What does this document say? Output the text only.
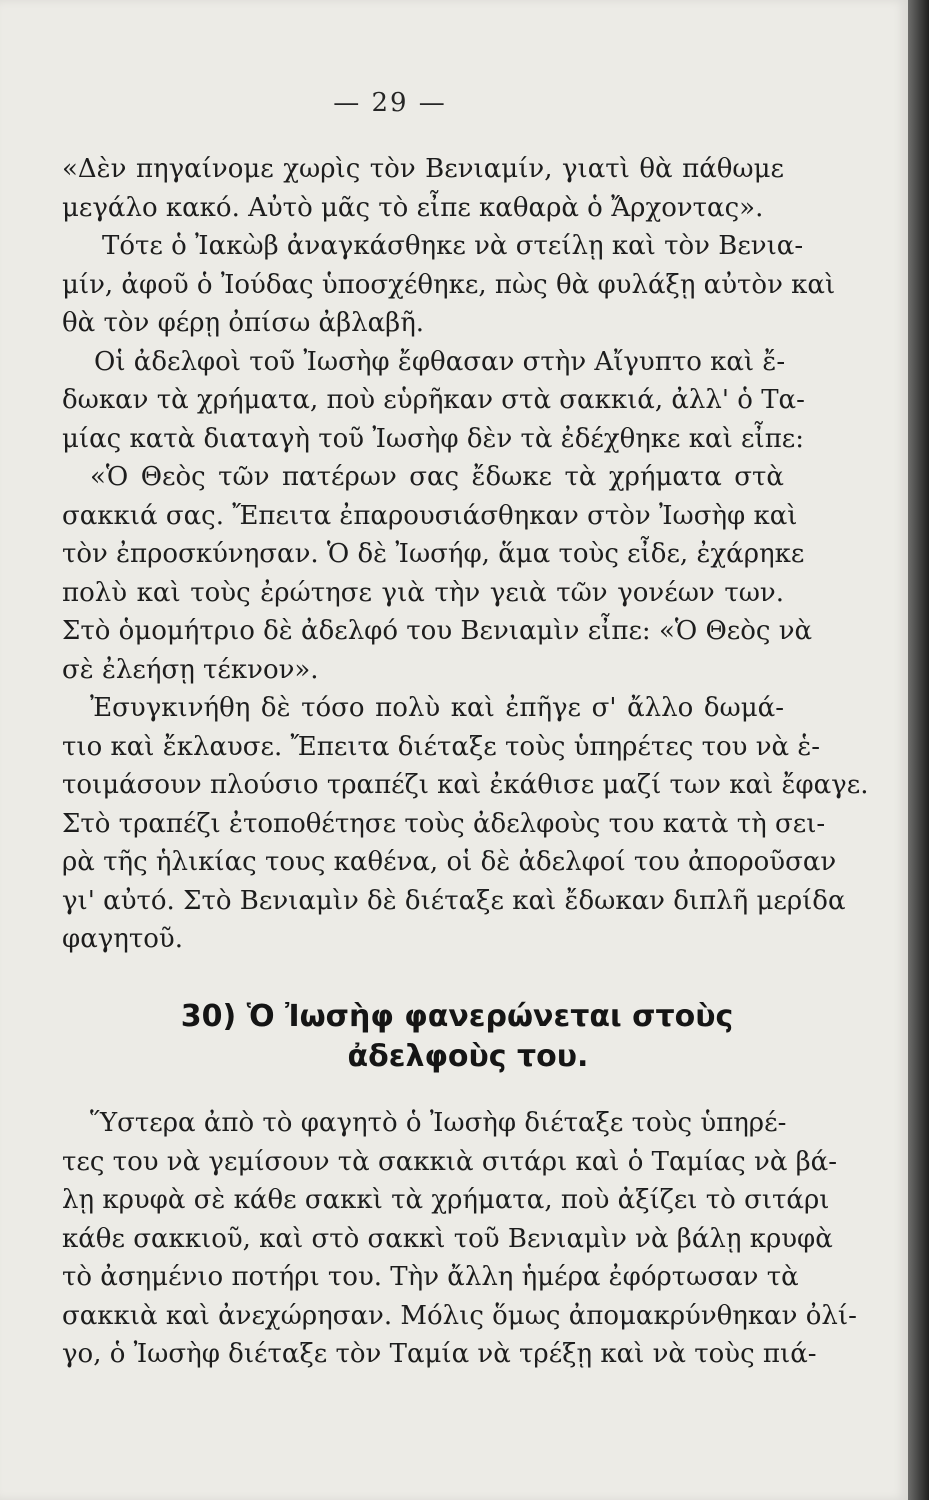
— 29 —
«Δὲν πηγαίνομε χωρὶς τὸν Βενιαμίν, γιατὶ θὰ πάθωμε
μεγάλο κακό. Αὐτὸ μᾶς τὸ εἶπε καθαρὰ ὁ Ἄρχοντας».
Τότε ὁ Ἰακὼβ ἀναγκάσθηκε νὰ στείλῃ καὶ τὸν Βενια-
μίν, ἀφοῦ ὁ Ἰούδας ὑποσχέθηκε, πὼς θὰ φυλάξῃ αὐτὸν καὶ
θὰ τὸν φέρῃ ὀπίσω ἀβλαβῆ.
Οἱ ἀδελφοὶ τοῦ Ἰωσὴφ ἔφθασαν στὴν Αἴγυπτο καὶ ἔ-
δωκαν τὰ χρήματα, ποὺ εὑρῆκαν στὰ σακκιά, ἀλλ' ὁ Τα-
μίας κατὰ διαταγὴ τοῦ Ἰωσὴφ δὲν τὰ ἐδέχθηκε καὶ εἶπε:
«Ὁ Θεὸς τῶν πατέρων σας ἔδωκε τὰ χρήματα στὰ
σακκιά σας. Ἔπειτα ἐπαρουσιάσθηκαν στὸν Ἰωσὴφ καὶ
τὸν ἐπροσκύνησαν. Ὁ δὲ Ἰωσήφ, ἅμα τοὺς εἶδε, ἐχάρηκε
πολὺ καὶ τοὺς ἐρώτησε γιὰ τὴν γειὰ τῶν γονέων των.
Στὸ ὁμομήτριο δὲ ἀδελφό του Βενιαμὶν εἶπε: «Ὁ Θεὸς νὰ
σὲ ἐλεήσῃ τέκνον».
Ἐσυγκινήθη δὲ τόσο πολὺ καὶ ἐπῆγε σ' ἄλλο δωμά-
τιο καὶ ἔκλαυσε. Ἔπειτα διέταξε τοὺς ὑπηρέτες του νὰ ἑ-
τοιμάσουν πλούσιο τραπέζι καὶ ἐκάθισε μαζί των καὶ ἔφαγε.
Στὸ τραπέζι ἐτοποθέτησε τοὺς ἀδελφοὺς του κατὰ τὴ σει-
ρὰ τῆς ἡλικίας τους καθένα, οἱ δὲ ἀδελφοί του ἀποροῦσαν
γι' αὐτό. Στὸ Βενιαμὶν δὲ διέταξε καὶ ἔδωκαν διπλῆ μερίδα
φαγητοῦ.
30) Ὁ Ἰωσὴφ φανερώνεται στοὺς
ἀδελφοὺς του.
Ὕστερα ἀπὸ τὸ φαγητὸ ὁ Ἰωσὴφ διέταξε τοὺς ὑπηρέ-
τες του νὰ γεμίσουν τὰ σακκιὰ σιτάρι καὶ ὁ Ταμίας νὰ βά-
λῃ κρυφὰ σὲ κάθε σακκὶ τὰ χρήματα, ποὺ ἀξίζει τὸ σιτάρι
κάθε σακκιοῦ, καὶ στὸ σακκὶ τοῦ Βενιαμὶν νὰ βάλῃ κρυφὰ
τὸ ἀσημένιο ποτήρι του. Τὴν ἄλλη ἡμέρα ἐφόρτωσαν τὰ
σακκιὰ καὶ ἀνεχώρησαν. Μόλις ὅμως ἀπομακρύνθηκαν ὀλί-
γο, ὁ Ἰωσὴφ διέταξε τὸν Ταμία νὰ τρέξῃ καὶ νὰ τοὺς πιά-
